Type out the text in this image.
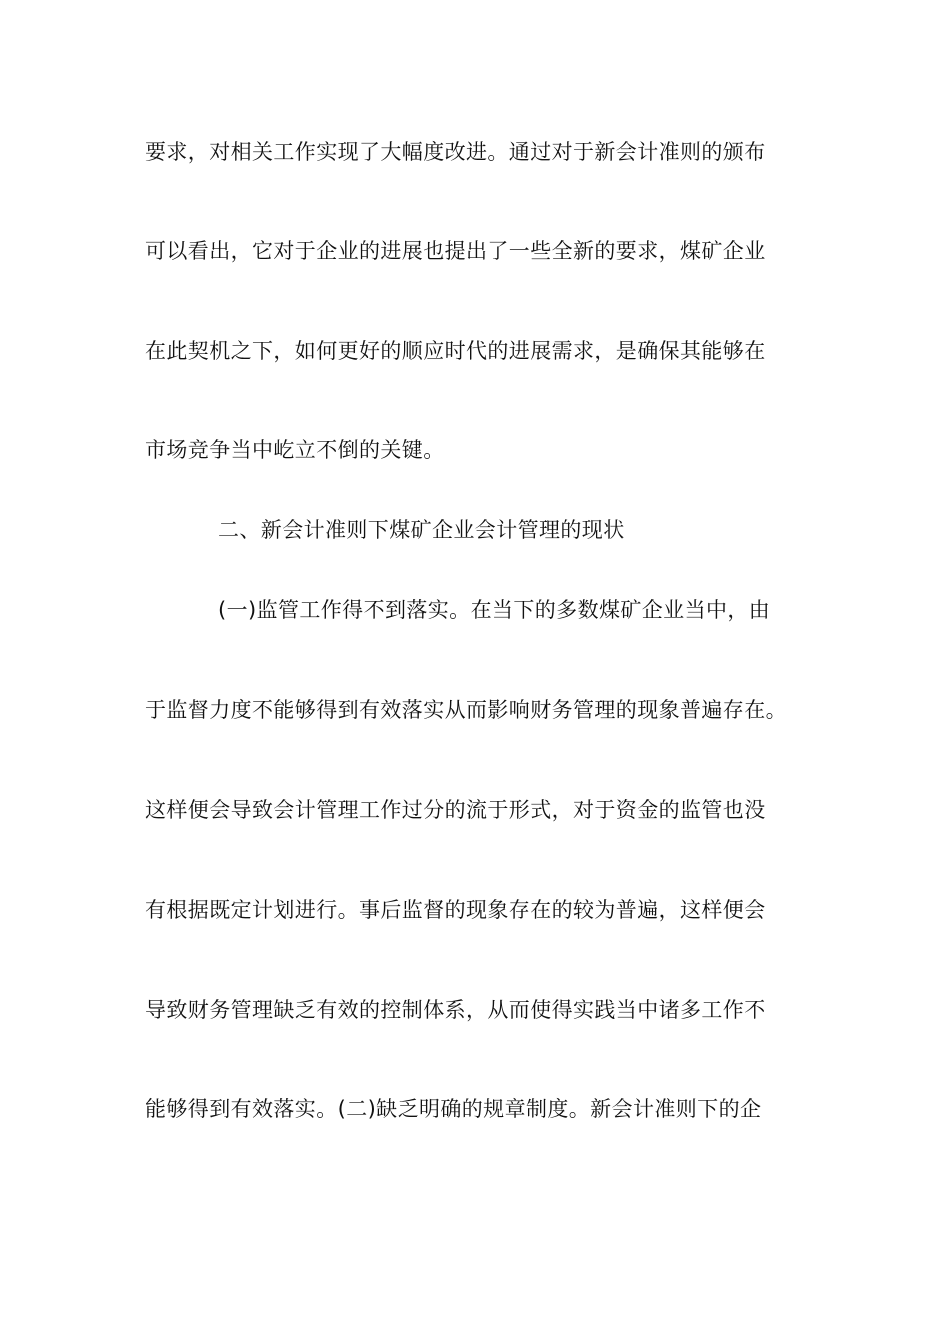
要求，对相关工作实现了大幅度改进。通过对于新会计准则的颁布
可以看出，它对于企业的进展也提出了一些全新的要求，煤矿企业
在此契机之下，如何更好的顺应时代的进展需求，是确保其能够在
市场竞争当中屹立不倒的关键。
二、新会计准则下煤矿企业会计管理的现状
(一)监管工作得不到落实。在当下的多数煤矿企业当中，由
于监督力度不能够得到有效落实从而影响财务管理的现象普遍存在。
这样便会导致会计管理工作过分的流于形式，对于资金的监管也没
有根据既定计划进行。事后监督的现象存在的较为普遍，这样便会
导致财务管理缺乏有效的控制体系，从而使得实践当中诸多工作不
能够得到有效落实。(二)缺乏明确的规章制度。新会计准则下的企
